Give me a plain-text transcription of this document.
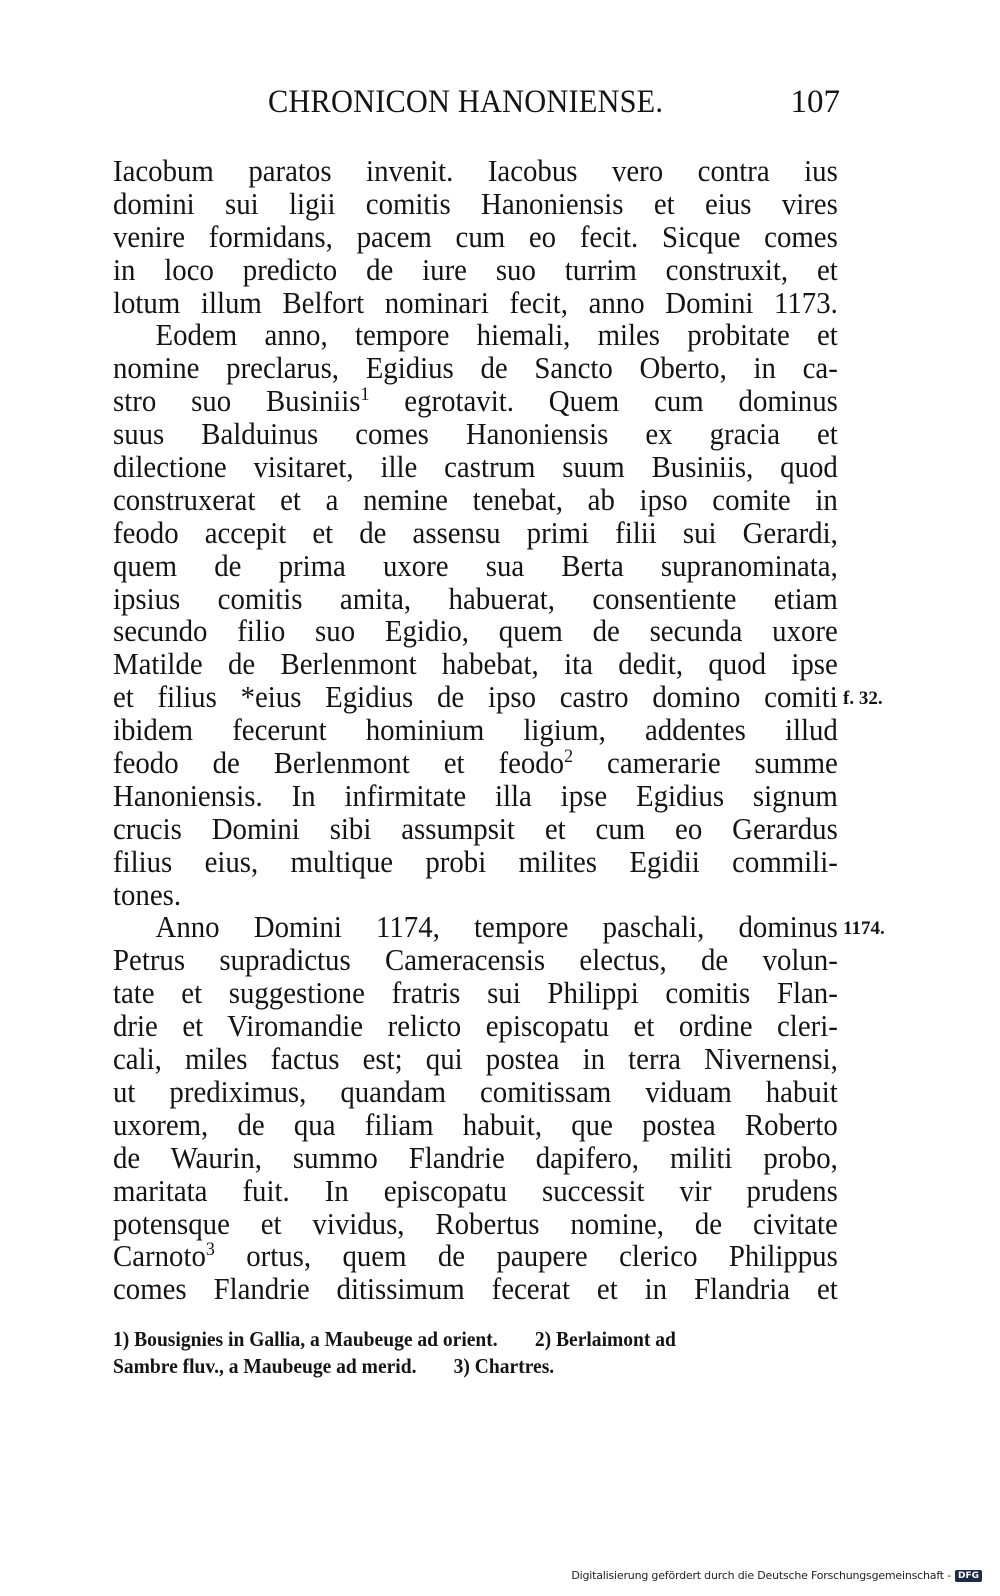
CHRONICON HANONIENSE.	107
Iacobum paratos invenit. Iacobus vero contra ius
domini sui ligii comitis Hanoniensis et eius vires
venire formidans, pacem cum eo fecit. Sicque comes
in loco predicto de iure suo turrim construxit, et
lotum illum Belfort nominari fecit, anno Domini 1173.
Eodem anno, tempore hiemali, miles probitate et
nomine preclarus, Egidius de Sancto Oberto, in ca-
stro suo Businiis$^1$ egrotavit. Quem cum dominus
suus Balduinus comes Hanoniensis ex gracia et
dilectione visitaret, ille castrum suum Businiis, quod
construxerat et a nemine tenebat, ab ipso comite in
feodo accepit et de assensu primi filii sui Gerardi,
quem de prima uxore sua Berta supranominata,
ipsius comitis amita, habuerat, consentiente etiam
secundo filio suo Egidio, quem de secunda uxore
Matilde de Berlenmont habebat, ita dedit, quod ipse
et filius *eius Egidius de ipso castro domino comiti
ibidem fecerunt hominium ligium, addentes illud
feodo de Berlenmont et feodo$^2$ camerarie summe
Hanoniensis. In infirmitate illa ipse Egidius signum
crucis Domini sibi assumpsit et cum eo Gerardus
filius eius, multique probi milites Egidii commili-
tones.
Anno Domini 1174, tempore paschali, dominus
Petrus supradictus Cameracensis electus, de volun-
tate et suggestione fratris sui Philippi comitis Flan-
drie et Viromandie relicto episcopatu et ordine cleri-
cali, miles factus est; qui postea in terra Nivernensi,
ut prediximus, quandam comitissam viduam habuit
uxorem, de qua filiam habuit, que postea Roberto
de Waurin, summo Flandrie dapifero, militi probo,
maritata fuit. In episcopatu successit vir prudens
potensque et vividus, Robertus nomine, de civitate
Carnoto$^3$ ortus, quem de paupere clerico Philippus
comes Flandrie ditissimum fecerat et in Flandria et
f. 32.
1174.
1) Bousignies in Gallia, a Maubeuge ad orient. 2) Berlaimont ad
Sambre fluv., a Maubeuge ad merid. 3) Chartres.
Digitalisierung gefördert durch die Deutsche Forschungsgemeinschaft - DFG
